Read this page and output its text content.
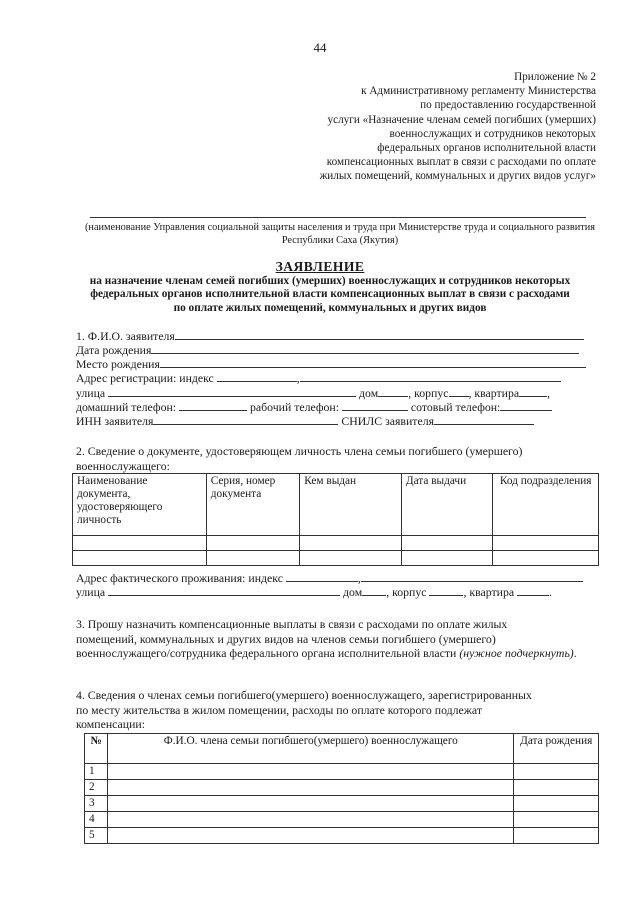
44
Приложение № 2
к Административному регламенту Министерства
по предоставлению государственной
услуги «Назначение членам семей погибших (умерших)
военнослужащих и сотрудников некоторых
федеральных органов исполнительной власти
компенсационных выплат в связи с расходами по оплате
жилых помещений, коммунальных и других видов услуг»
(наименование Управления социальной защиты населения и труда при Министерстве труда и социального развития Республики Саха (Якутия)
ЗАЯВЛЕНИЕ
на назначение членам семей погибших (умерших) военнослужащих и сотрудников некоторых
федеральных органов исполнительной власти компенсационных выплат в связи с расходами
по оплате жилых помещений, коммунальных и других видов
1. Ф.И.О. заявителя
Дата рождения
Место рождения
Адрес регистрации: индекс	,
улица	дом	, корпус , квартира ,
домашний телефон:	рабочий телефон:	сотовый телефон:
ИНН заявителя	СНИЛС заявителя
2. Сведение о документе, удостоверяющем личность члена семьи погибшего (умершего)
военнослужащего:
Наименование документа, удостоверяющего личность	Серия, номер документа	Кем выдан	Дата выдачи	Код подразделения

Адрес фактического проживания: индекс	,
улица	дом , корпус	, квартира	.
3. Прошу назначить компенсационные выплаты в связи с расходами по оплате жилых
помещений, коммунальных и других видов на членов семьи погибшего (умершего)
военнослужащего/сотрудника федерального органа исполнительной власти (нужное подчеркнуть).
4. Сведения о членах семьи погибшего(умершего) военнослужащего, зарегистрированных
по месту жительства в жилом помещении, расходы по оплате которого подлежат
компенсации:
№	Ф.И.О. члена семьи погибшего(умершего) военнослужащего	Дата рождения
1		
2		
3		
4		
5		
